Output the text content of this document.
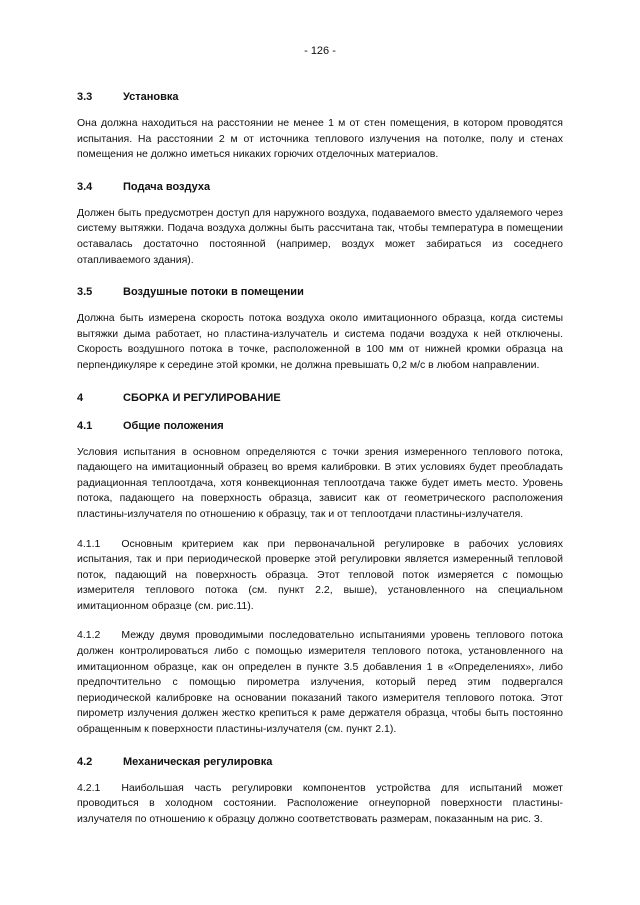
- 126 -
3.3	Установка

Она должна находиться на расстоянии не менее 1 м от стен помещения, в котором проводятся испытания. На расстоянии 2 м от источника теплового излучения на потолке, полу и стенах помещения не должно иметься никаких горючих отделочных материалов.

3.4	Подача воздуха

Должен быть предусмотрен доступ для наружного воздуха, подаваемого вместо удаляемого через систему вытяжки. Подача воздуха должны быть рассчитана так, чтобы температура в помещении оставалась достаточно постоянной (например, воздух может забираться из соседнего отапливаемого здания).

3.5	Воздушные потоки в помещении

Должна быть измерена скорость потока воздуха около имитационного образца, когда системы вытяжки дыма работает, но пластина-излучатель и система подачи воздуха к ней отключены. Скорость воздушного потока в точке, расположенной в 100 мм от нижней кромки образца на перпендикуляре к середине этой кромки, не должна превышать 0,2 м/с в любом направлении.

4	СБОРКА И РЕГУЛИРОВАНИЕ
4.1	Общие положения

Условия испытания в основном определяются с точки зрения измеренного теплового потока, падающего на имитационный образец во время калибровки. В этих условиях будет преобладать радиационная теплоотдача, хотя конвекционная теплоотдача также будет иметь место. Уровень потока, падающего на поверхность образца, зависит как от геометрического расположения пластины-излучателя по отношению к образцу, так и от теплоотдачи пластины-излучателя.

4.1.1  Основным критерием как при первоначальной регулировке в рабочих условиях испытания, так и при периодической проверке этой регулировки является измеренный тепловой поток, падающий на поверхность образца. Этот тепловой поток измеряется с помощью измерителя теплового потока (см. пункт 2.2, выше), установленного на специальном имитационном образце (см. рис.11).

4.1.2  Между двумя проводимыми последовательно испытаниями уровень теплового потока должен контролироваться либо с помощью измерителя теплового потока, установленного на имитационном образце, как он определен в пункте 3.5 добавления 1 в «Определениях», либо предпочтительно с помощью пирометра излучения, который перед этим подвергался периодической калибровке на основании показаний такого измерителя теплового потока. Этот пирометр излучения должен жестко крепиться к раме держателя образца, чтобы быть постоянно обращенным к поверхности пластины-излучателя (см. пункт 2.1).

4.2	Механическая регулировка

4.2.1  Наибольшая часть регулировки компонентов устройства для испытаний может проводиться в холодном состоянии. Расположение огнеупорной поверхности пластины-излучателя по отношению к образцу должно соответствовать размерам, показанным на рис. 3.
